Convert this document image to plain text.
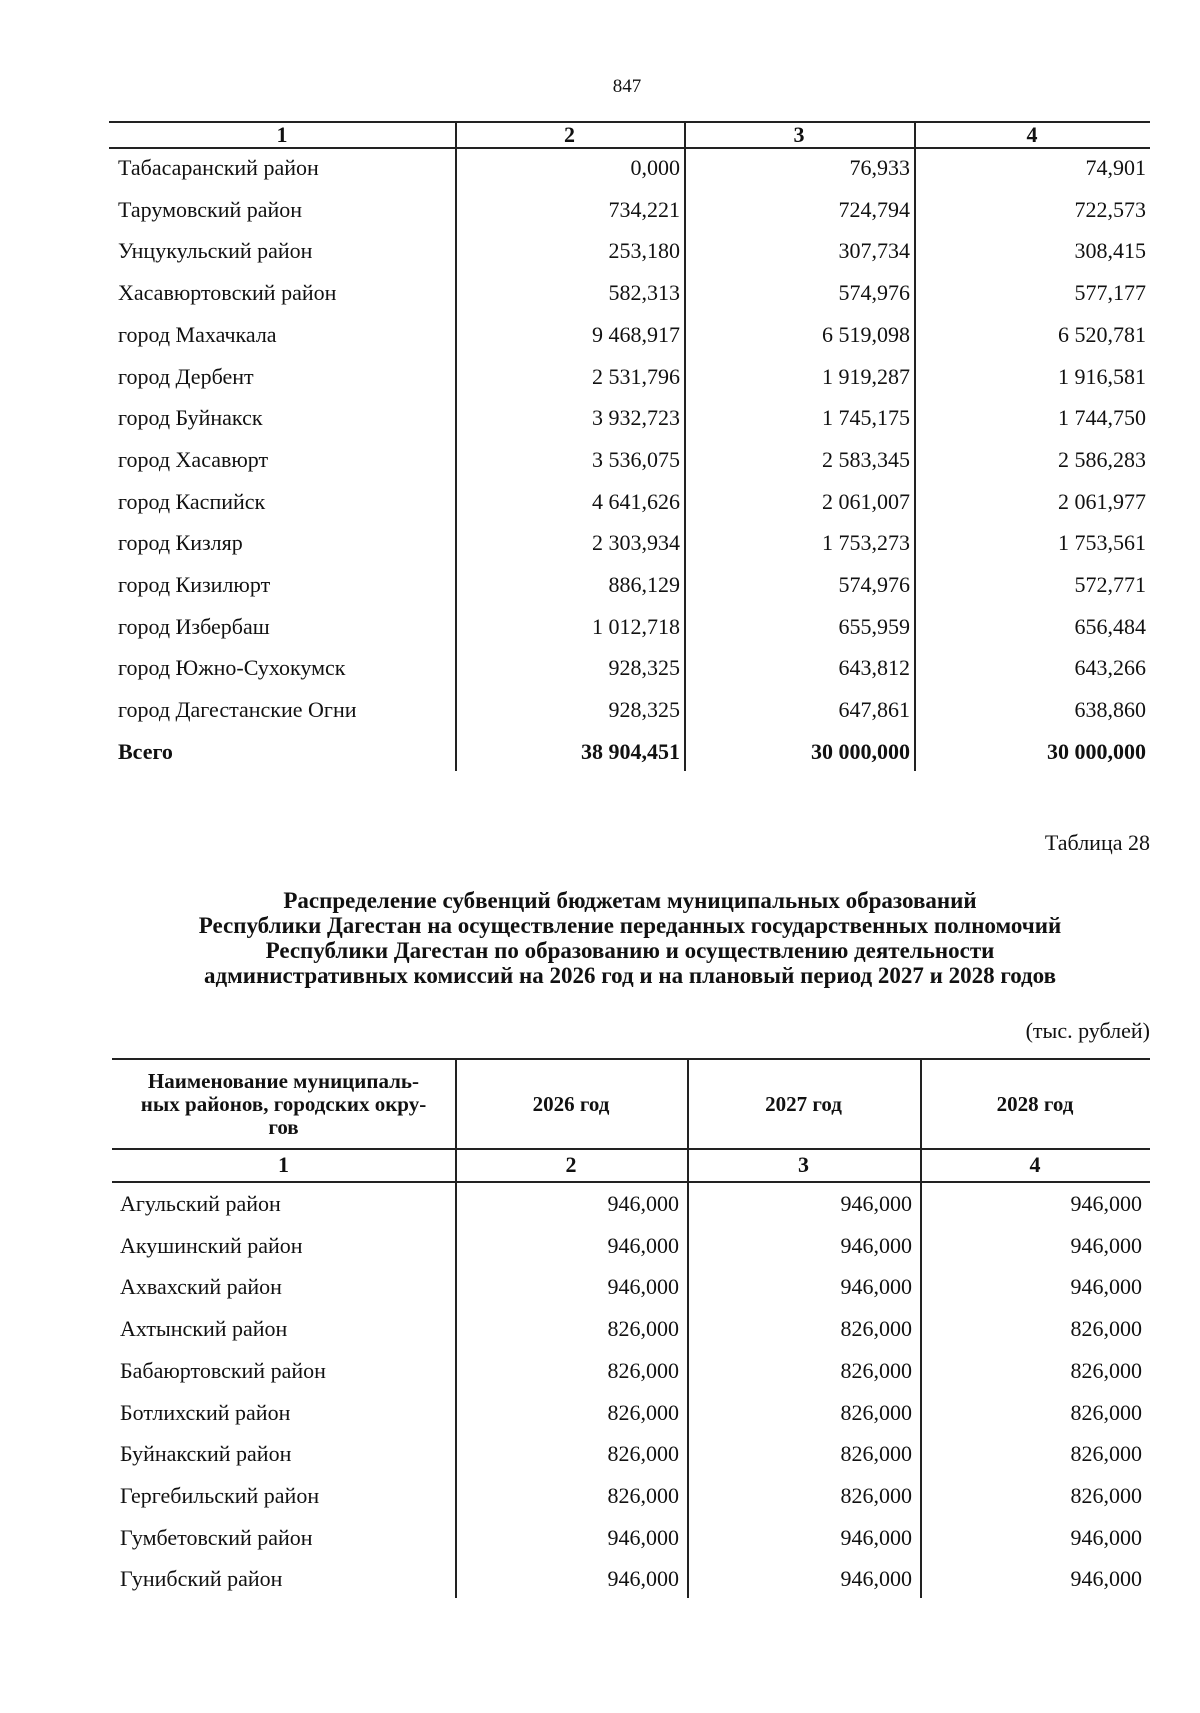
847
1	2	3	4
Табасаранский район	0,000	76,933	74,901
Тарумовский район	734,221	724,794	722,573
Унцукульский район	253,180	307,734	308,415
Хасавюртовский район	582,313	574,976	577,177
город Махачкала	9 468,917	6 519,098	6 520,781
город Дербент	2 531,796	1 919,287	1 916,581
город Буйнакск	3 932,723	1 745,175	1 744,750
город Хасавюрт	3 536,075	2 583,345	2 586,283
город Каспийск	4 641,626	2 061,007	2 061,977
город Кизляр	2 303,934	1 753,273	1 753,561
город Кизилюрт	886,129	574,976	572,771
город Избербаш	1 012,718	655,959	656,484
город Южно-Сухокумск	928,325	643,812	643,266
город Дагестанские Огни	928,325	647,861	638,860
Всего	38 904,451	30 000,000	30 000,000
Таблица 28
Распределение субвенций бюджетам муниципальных образований
Республики Дагестан на осуществление переданных государственных полномочий
Республики Дагестан по образованию и осуществлению деятельности
административных комиссий на 2026 год и на плановый период 2027 и 2028 годов
(тыс. рублей)
Наименование муниципаль-
ных районов, городских окру-
гов
2026 год	2027 год	2028 год
1	2	3	4
Агульский район	946,000	946,000	946,000
Акушинский район	946,000	946,000	946,000
Ахвахский район	946,000	946,000	946,000
Ахтынский район	826,000	826,000	826,000
Бабаюртовский район	826,000	826,000	826,000
Ботлихский район	826,000	826,000	826,000
Буйнакский район	826,000	826,000	826,000
Гергебильский район	826,000	826,000	826,000
Гумбетовский район	946,000	946,000	946,000
Гунибский район	946,000	946,000	946,000
